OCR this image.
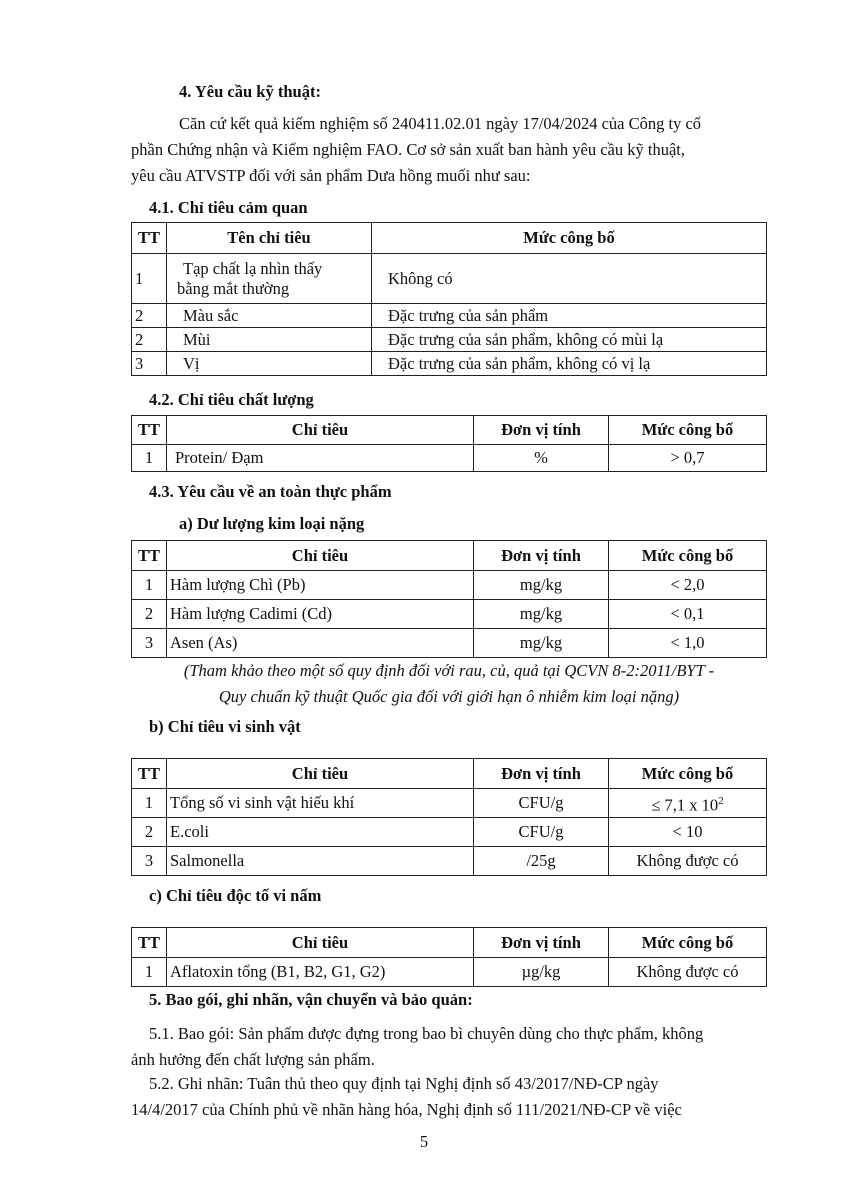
4. Yêu cầu kỹ thuật:
Căn cứ kết quả kiểm nghiệm số 240411.02.01 ngày 17/04/2024 của Công ty cổ
phần Chứng nhận và Kiểm nghiệm FAO. Cơ sở sản xuất ban hành yêu cầu kỹ thuật,
yêu cầu ATVSTP đối với sản phẩm Dưa hồng muối như sau:
4.1. Chỉ tiêu cảm quan
TT	Tên chỉ tiêu	Mức công bố
1	Tạp chất lạ nhìn thấy
bằng mắt thường	Không có
2	Màu sắc	Đặc trưng của sản phẩm
2	Mùi	Đặc trưng của sản phẩm, không có mùi lạ
3	Vị	Đặc trưng của sản phẩm, không có vị lạ
4.2. Chỉ tiêu chất lượng
TT	Chỉ tiêu	Đơn vị tính	Mức công bố
1	Protein/ Đạm	%	> 0,7
4.3. Yêu cầu về an toàn thực phẩm
a) Dư lượng kim loại nặng
TT	Chỉ tiêu	Đơn vị tính	Mức công bố
1	Hàm lượng Chì (Pb)	mg/kg	< 2,0
2	Hàm lượng Cadimi (Cd)	mg/kg	< 0,1
3	Asen (As)	mg/kg	< 1,0
(Tham khảo theo một số quy định đối với rau, củ, quả tại QCVN 8-2:2011/BYT -
Quy chuẩn kỹ thuật Quốc gia đối với giới hạn ô nhiễm kim loại nặng)
b) Chỉ tiêu vi sinh vật
TT	Chỉ tiêu	Đơn vị tính	Mức công bố
1	Tổng số vi sinh vật hiếu khí	CFU/g	≤ 7,1 x $10^2$
2	E.coli	CFU/g	< 10
3	Salmonella	/25g	Không được có
c) Chỉ tiêu độc tố vi nấm
TT	Chỉ tiêu	Đơn vị tính	Mức công bố
1	Aflatoxin tổng (B1, B2, G1, G2)	µg/kg	Không được có
5. Bao gói, ghi nhãn, vận chuyển và bảo quản:
5.1. Bao gói: Sản phẩm được đựng trong bao bì chuyên dùng cho thực phẩm, không
ảnh hưởng đến chất lượng sản phẩm.
5.2. Ghi nhãn: Tuân thủ theo quy định tại Nghị định số 43/2017/NĐ-CP ngày
14/4/2017 của Chính phủ về nhãn hàng hóa, Nghị định số 111/2021/NĐ-CP về việc
5
